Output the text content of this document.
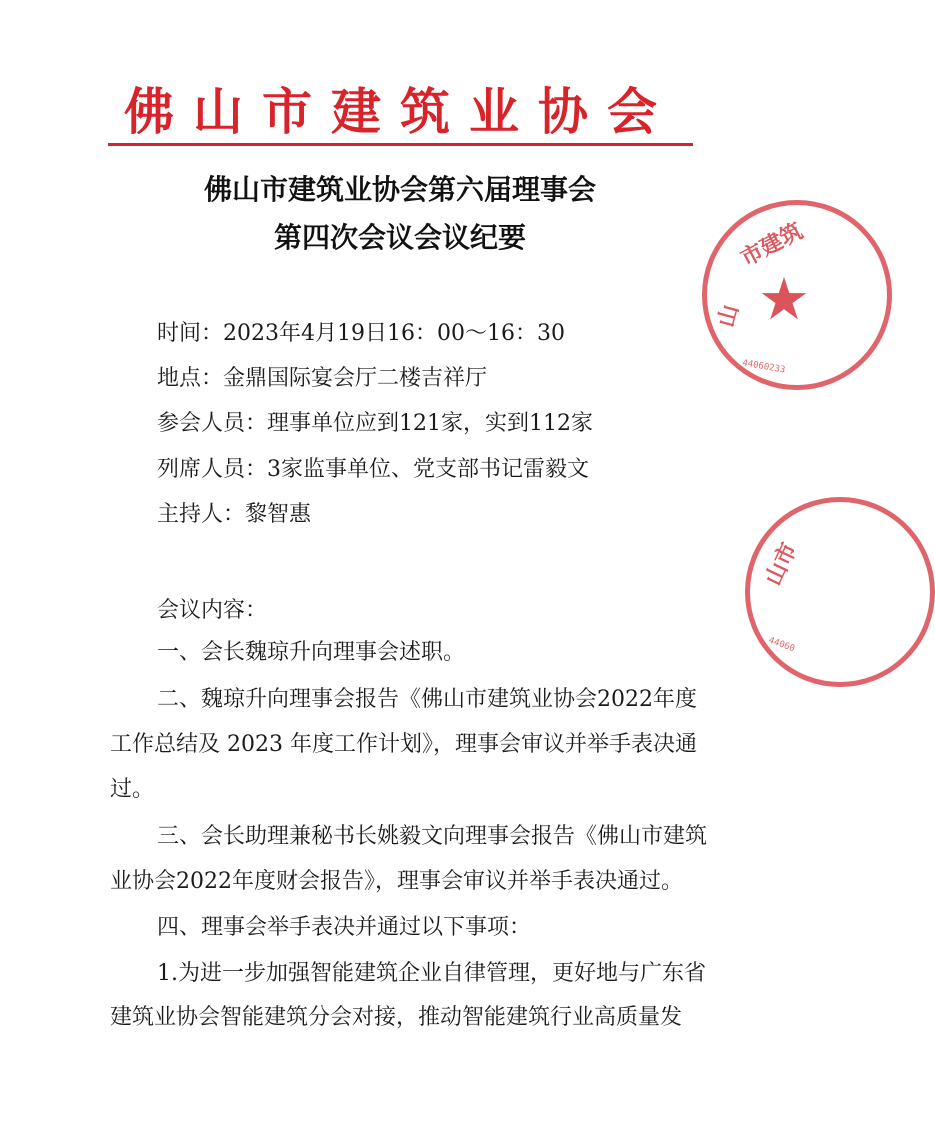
佛山市建筑业协会
佛山市建筑业协会第六届理事会
第四次会议会议纪要
时间：2023年4月19日16：00～16：30
地点：金鼎国际宴会厅二楼吉祥厅
参会人员：理事单位应到121家，实到112家
列席人员：3家监事单位、党支部书记雷毅文
主持人：黎智惠
会议内容：
一、会长魏琼升向理事会述职。
二、魏琼升向理事会报告《佛山市建筑业协会2022年度
工作总结及 2023 年度工作计划》，理事会审议并举手表决通
过。
三、会长助理兼秘书长姚毅文向理事会报告《佛山市建筑
业协会2022年度财会报告》，理事会审议并举手表决通过。
四、理事会举手表决并通过以下事项：
1.为进一步加强智能建筑企业自律管理，更好地与广东省
建筑业协会智能建筑分会对接，推动智能建筑行业高质量发
市建筑
山 ★
44060233
山市
44060
